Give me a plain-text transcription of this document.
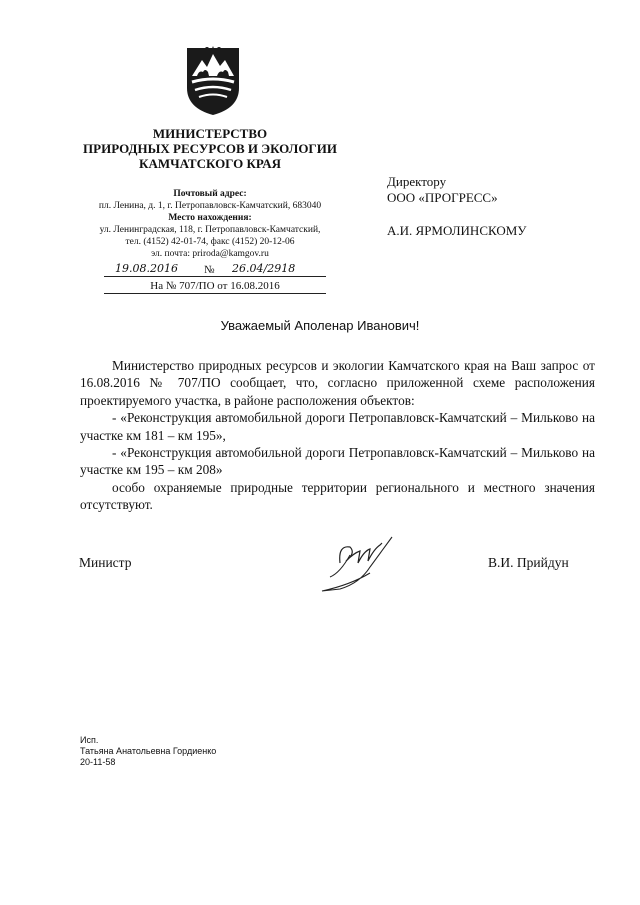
МИНИСТЕРСТВО
ПРИРОДНЫХ РЕСУРСОВ И ЭКОЛОГИИ
КАМЧАТСКОГО КРАЯ
Почтовый адрес:
пл. Ленина, д. 1, г. Петропавловск-Камчатский, 683040
Место нахождения:
ул. Ленинградская, 118, г. Петропавловск-Камчатский,
тел. (4152) 42-01-74, факс (4152) 20-12-06
эл. почта: priroda@kamgov.ru
19.08.2016 № 26.04/2918
На № 707/ПО от 16.08.2016
Директору
ООО «ПРОГРЕСС»
А.И. ЯРМОЛИНСКОМУ
Уважаемый Аполенар Иванович!

Министерство природных ресурсов и экологии Камчатского края на Ваш запрос от 16.08.2016 № 707/ПО сообщает, что, согласно приложенной схеме расположения проектируемого участка, в районе расположения объектов:

- «Реконструкция автомобильной дороги Петропавловск-Камчатский – Мильково на участке км 181 – км 195»,

- «Реконструкция автомобильной дороги Петропавловск-Камчатский – Мильково на участке км 195 – км 208»

особо охраняемые природные территории регионального и местного значения отсутствуют.

Министр	В.И. Прийдун
Исп.
Татьяна Анатольевна Гордиенко
20-11-58
